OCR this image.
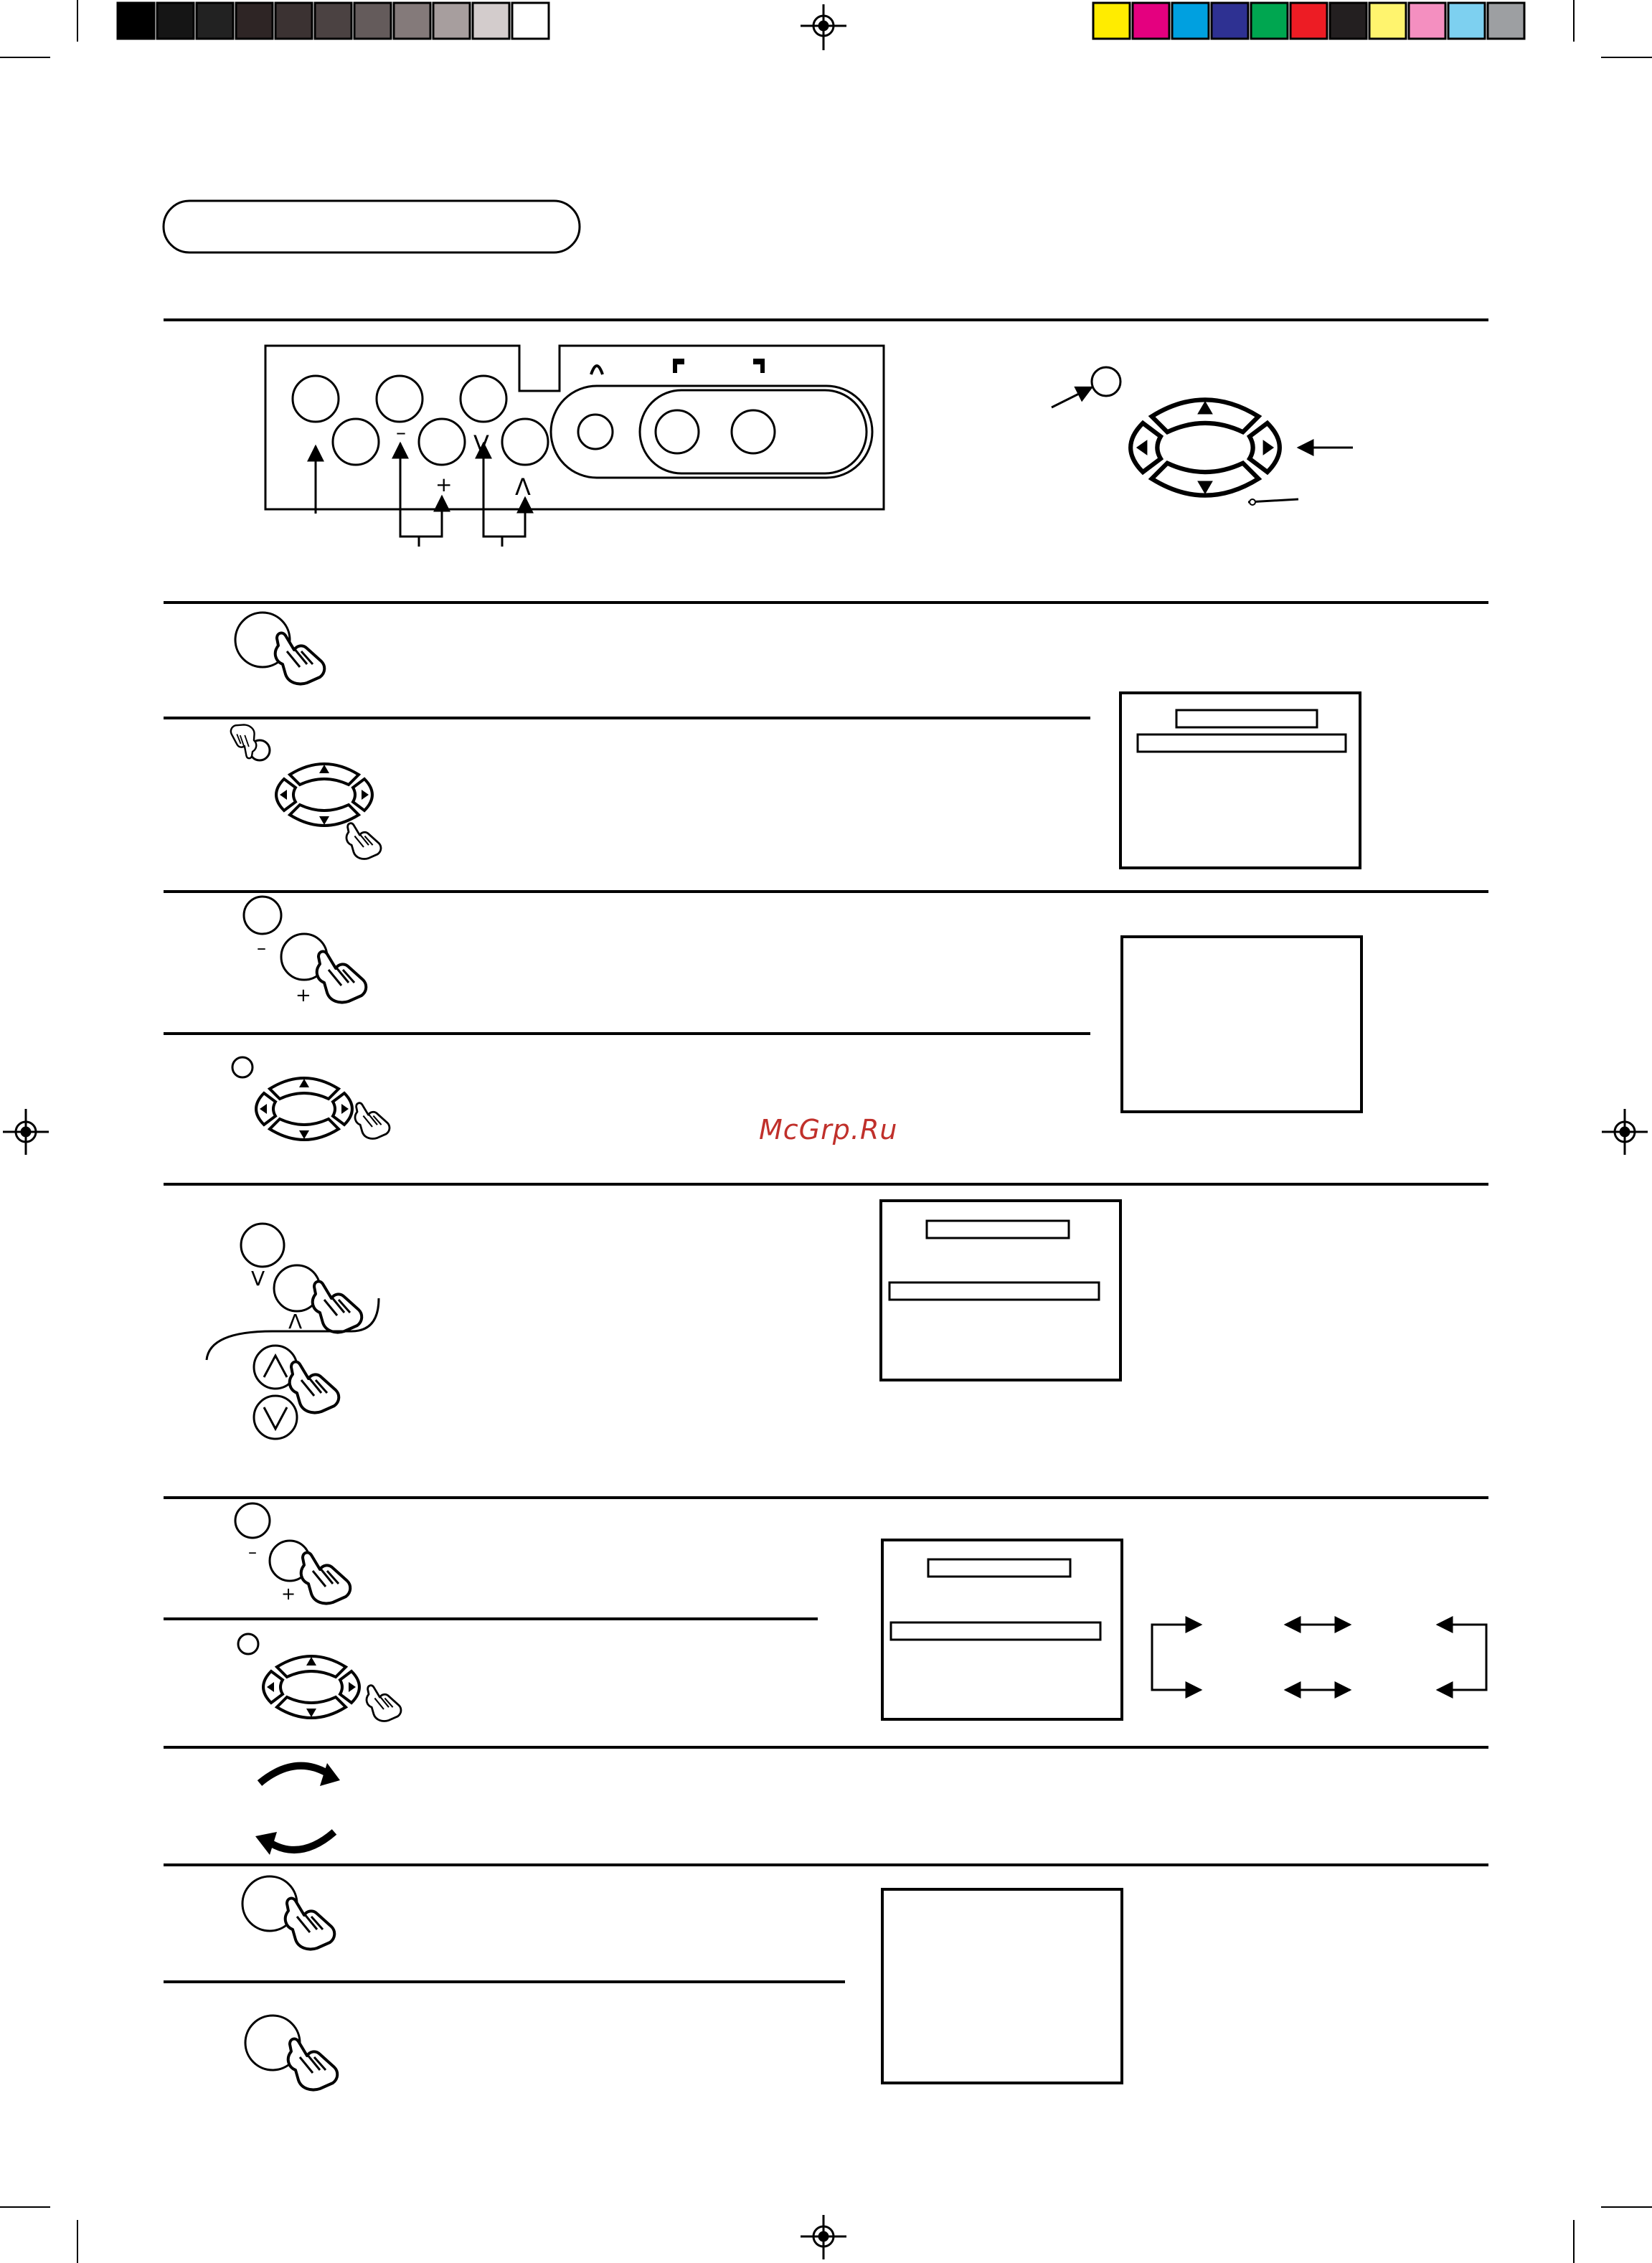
–
+
V
Λ
–
+
V
Λ
–
+
McGrp.Ru
